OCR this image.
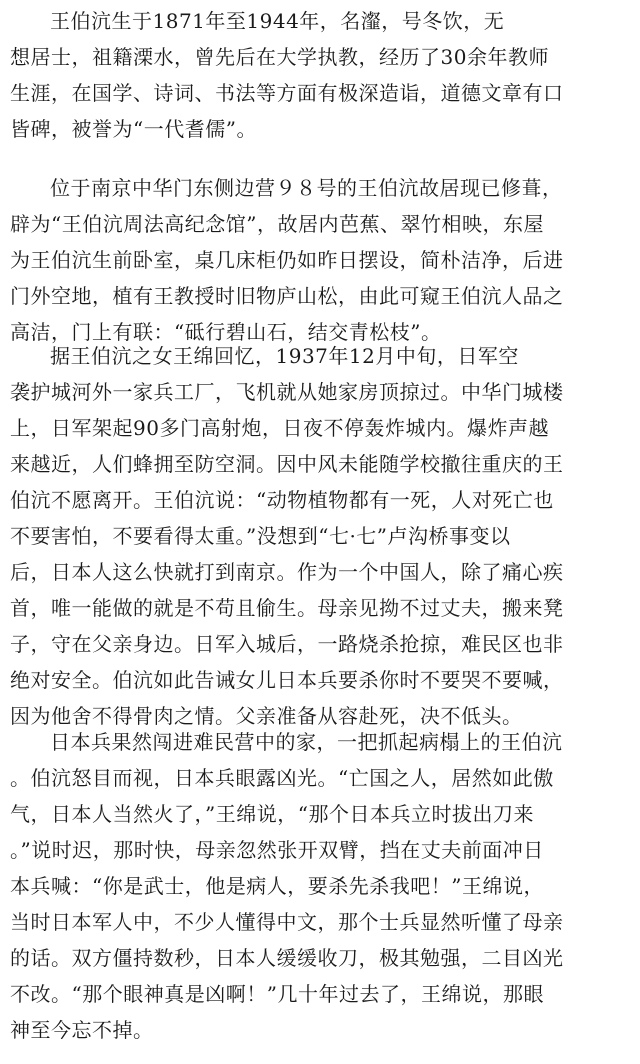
王伯沆生于1871年至1944年，名瀣，号冬饮，无
想居士，祖籍溧水，曾先后在大学执教，经历了30余年教师
生涯，在国学、诗词、书法等方面有极深造诣，道德文章有口
皆碑，被誉为“一代耆儒”。
位于南京中华门东侧边营９８号的王伯沆故居现已修葺，
辟为“王伯沆周法高纪念馆”，故居内芭蕉、翠竹相映，东屋
为王伯沆生前卧室，桌几床柜仍如昨日摆设，简朴洁净，后进
门外空地，植有王教授时旧物庐山松，由此可窥王伯沆人品之
高洁，门上有联：“砥行碧山石，结交青松枝”。
据王伯沆之女王绵回忆，1937年12月中旬，日军空
袭护城河外一家兵工厂，飞机就从她家房顶掠过。中华门城楼
上，日军架起90多门高射炮，日夜不停轰炸城内。爆炸声越
来越近，人们蜂拥至防空洞。因中风未能随学校撤往重庆的王
伯沆不愿离开。王伯沆说：“动物植物都有一死，人对死亡也
不要害怕，不要看得太重。”没想到“七·七”卢沟桥事变以
后，日本人这么快就打到南京。作为一个中国人，除了痛心疾
首，唯一能做的就是不苟且偷生。母亲见拗不过丈夫，搬来凳
子，守在父亲身边。日军入城后，一路烧杀抢掠，难民区也非
绝对安全。伯沆如此告诫女儿日本兵要杀你时不要哭不要喊，
因为他舍不得骨肉之情。父亲准备从容赴死，决不低头。
日本兵果然闯进难民营中的家，一把抓起病榻上的王伯沆
。伯沆怒目而视，日本兵眼露凶光。“亡国之人，居然如此傲
气，日本人当然火了，”王绵说，“那个日本兵立时拔出刀来
。”说时迟，那时快，母亲忽然张开双臂，挡在丈夫前面冲日
本兵喊：“你是武士，他是病人，要杀先杀我吧！”王绵说，
当时日本军人中，不少人懂得中文，那个士兵显然听懂了母亲
的话。双方僵持数秒，日本人缓缓收刀，极其勉强，二目凶光
不改。“那个眼神真是凶啊！”几十年过去了，王绵说，那眼
神至今忘不掉。
